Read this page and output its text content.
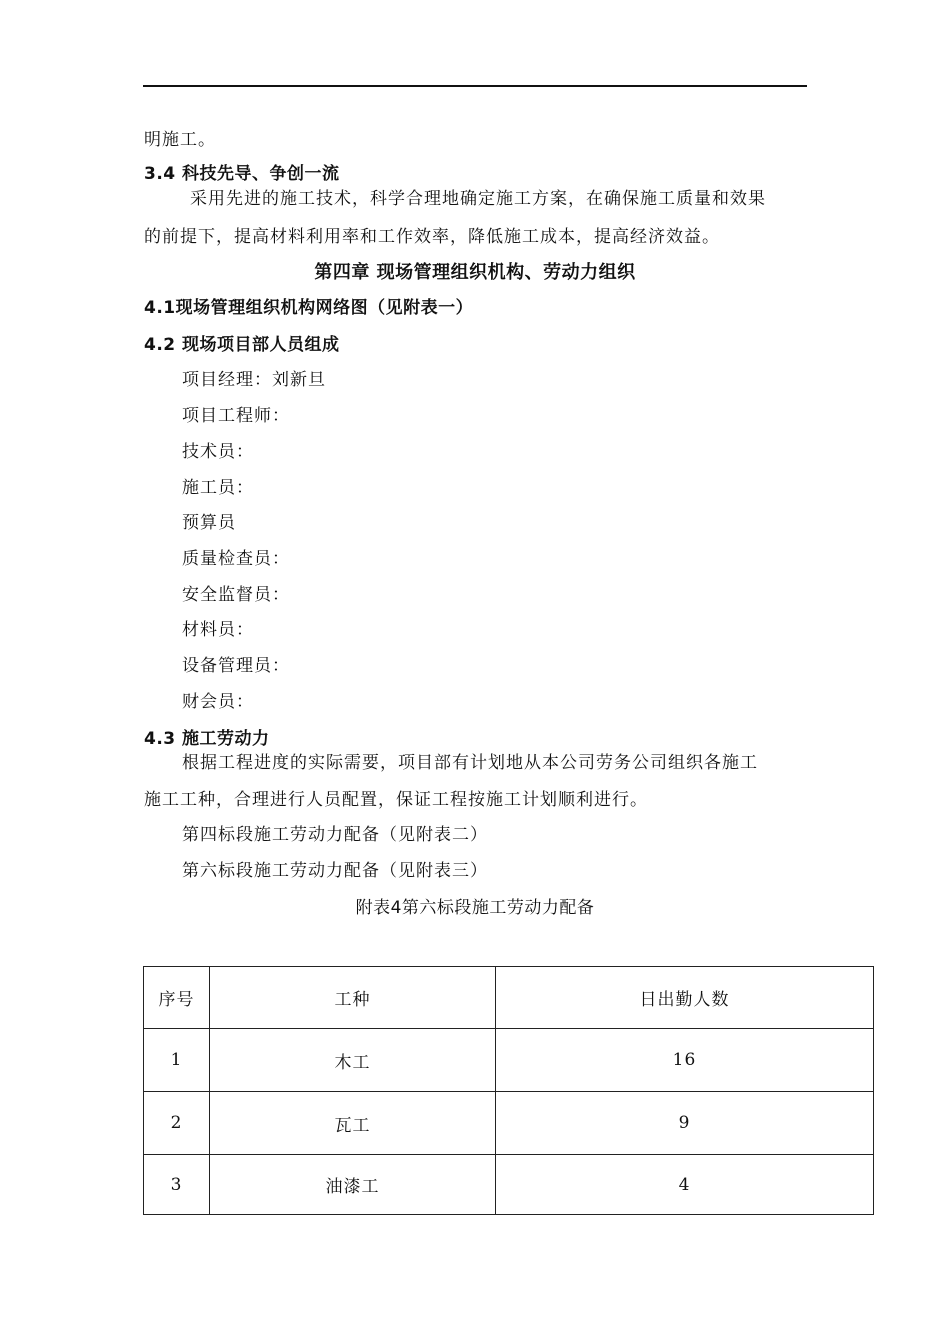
明施工。
3.4 科技先导、争创一流
采用先进的施工技术，科学合理地确定施工方案，在确保施工质量和效果
的前提下，提高材料利用率和工作效率，降低施工成本，提高经济效益。
第四章 现场管理组织机构、劳动力组织
4.1现场管理组织机构网络图（见附表一）
4.2 现场项目部人员组成
项目经理：刘新旦
项目工程师：
技术员：
施工员：
预算员
质量检查员：
安全监督员：
材料员：
设备管理员：
财会员：
4.3 施工劳动力
根据工程进度的实际需要，项目部有计划地从本公司劳务公司组织各施工
施工工种，合理进行人员配置，保证工程按施工计划顺利进行。
第四标段施工劳动力配备（见附表二）
第六标段施工劳动力配备（见附表三）
附表4第六标段施工劳动力配备
序号	工种	日出勤人数
1	木工	16
2	瓦工	9
3	油漆工	4
